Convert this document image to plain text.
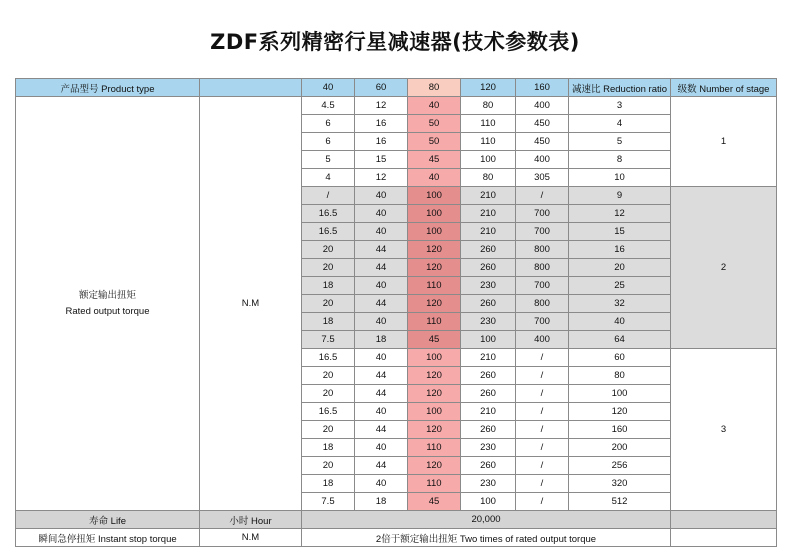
ZDF系列精密行星减速器(技术参数表)
产品型号 Product type		40	60	80	120	160	减速比 Reduction ratio	级数 Number of stage

额定输出扭矩
Rated output torque	N.M	4.5	12	40	80	400	3	1
		6	16	50	110	450	4	
		6	16	50	110	450	5	
		5	15	45	100	400	8	
		4	12	40	80	305	10	
		/	40	100	210	/	9	2
		16.5	40	100	210	700	12	
		16.5	40	100	210	700	15	
		20	44	120	260	800	16	
		20	44	120	260	800	20	
		18	40	110	230	700	25	
		20	44	120	260	800	32	
		18	40	110	230	700	40	
		7.5	18	45	100	400	64	
		16.5	40	100	210	/	60	3
		20	44	120	260	/	80	
		20	44	120	260	/	100	
		16.5	40	100	210	/	120	
		20	44	120	260	/	160	
		18	40	110	230	/	200	
		20	44	120	260	/	256	
		18	40	110	230	/	320	
		7.5	18	45	100	/	512	
寿命 Life	小时 Hour	20,000						
瞬间急停扭矩 Instant stop torque	N.M	2倍于额定输出扭矩 Two times of rated output torque						
